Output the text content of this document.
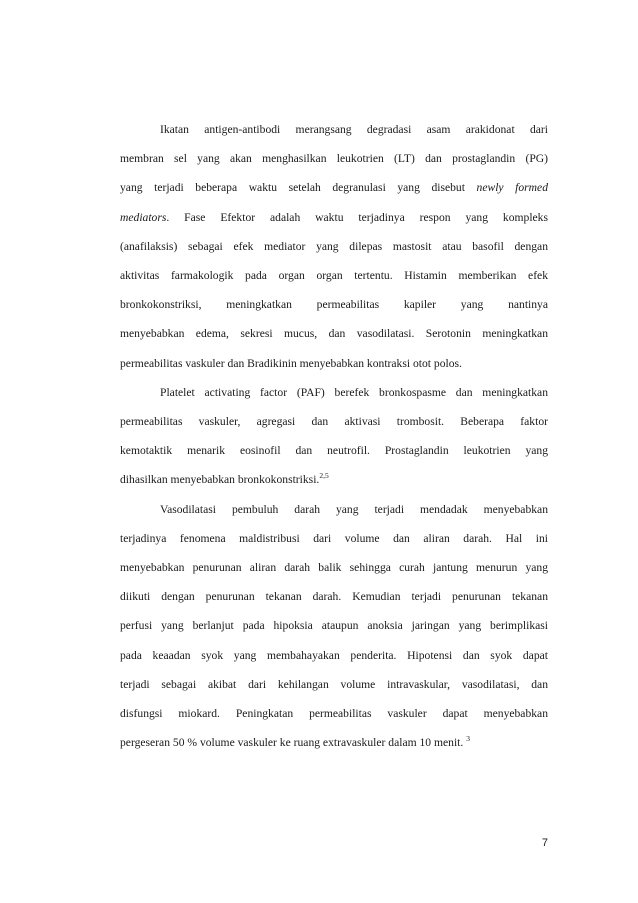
Ikatan antigen-antibodi merangsang degradasi asam arakidonat dari
membran sel yang akan menghasilkan leukotrien (LT) dan prostaglandin (PG)
yang terjadi beberapa waktu setelah degranulasi yang disebut newly formed
mediators. Fase Efektor adalah waktu terjadinya respon yang kompleks
(anafilaksis) sebagai efek mediator yang dilepas mastosit atau basofil dengan
aktivitas farmakologik pada organ organ tertentu. Histamin memberikan efek
bronkokonstriksi, meningkatkan permeabilitas kapiler yang nantinya
menyebabkan edema, sekresi mucus, dan vasodilatasi. Serotonin meningkatkan
permeabilitas vaskuler dan Bradikinin menyebabkan kontraksi otot polos.
Platelet activating factor (PAF) berefek bronkospasme dan meningkatkan
permeabilitas vaskuler, agregasi dan aktivasi trombosit. Beberapa faktor
kemotaktik menarik eosinofil dan neutrofil. Prostaglandin leukotrien yang
dihasilkan menyebabkan bronkokonstriksi.$^{2,5}$
Vasodilatasi pembuluh darah yang terjadi mendadak menyebabkan
terjadinya fenomena maldistribusi dari volume dan aliran darah. Hal ini
menyebabkan penurunan aliran darah balik sehingga curah jantung menurun yang
diikuti dengan penurunan tekanan darah. Kemudian terjadi penurunan tekanan
perfusi yang berlanjut pada hipoksia ataupun anoksia jaringan yang berimplikasi
pada keaadan syok yang membahayakan penderita. Hipotensi dan syok dapat
terjadi sebagai akibat dari kehilangan volume intravaskular, vasodilatasi, dan
disfungsi miokard. Peningkatan permeabilitas vaskuler dapat menyebabkan
pergeseran 50 % volume vaskuler ke ruang extravaskuler dalam 10 menit. $^3$
7
